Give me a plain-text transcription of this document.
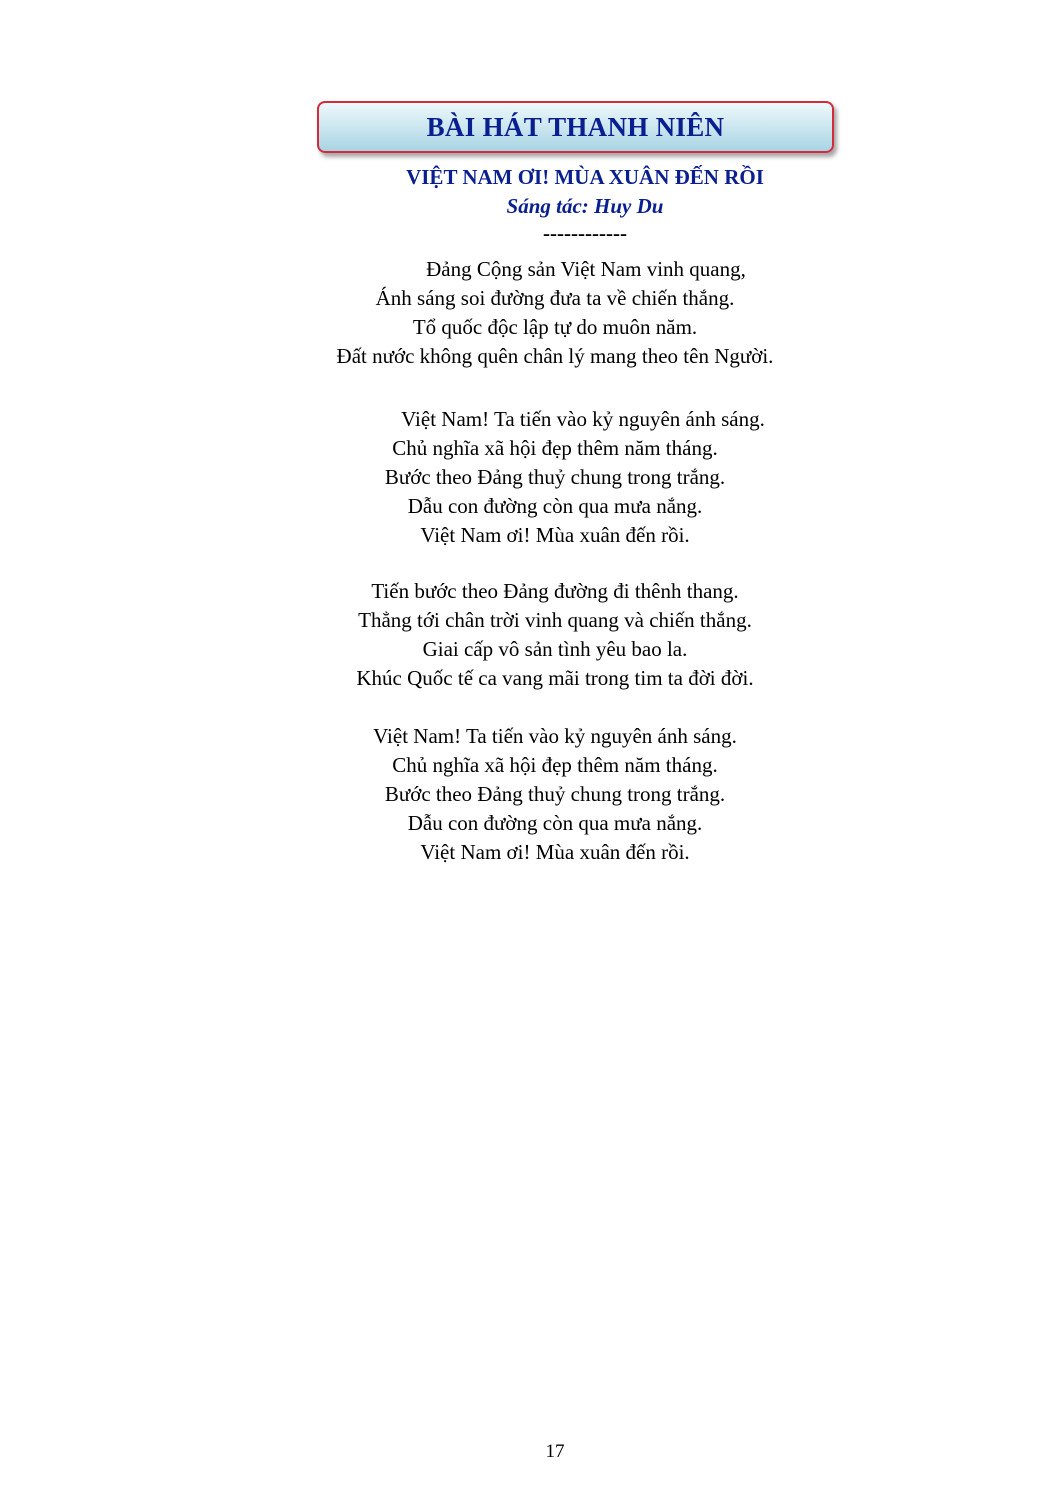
BÀI HÁT THANH NIÊN
VIỆT NAM ƠI! MÙA XUÂN ĐẾN RỒI
Sáng tác: Huy Du
------------
Đảng Cộng sản Việt Nam vinh quang,
Ánh sáng soi đường đưa ta về chiến thắng.
Tổ quốc độc lập tự do muôn năm.
Đất nước không quên chân lý mang theo tên Người.
Việt Nam! Ta tiến vào kỷ nguyên ánh sáng.
Chủ nghĩa xã hội đẹp thêm năm tháng.
Bước theo Đảng thuỷ chung trong trắng.
Dẫu con đường còn qua mưa nắng.
Việt Nam ơi! Mùa xuân đến rồi.
Tiến bước theo Đảng đường đi thênh thang.
Thẳng tới chân trời vinh quang và chiến thắng.
Giai cấp vô sản tình yêu bao la.
Khúc Quốc tế ca vang mãi trong tim ta đời đời.
Việt Nam! Ta tiến vào kỷ nguyên ánh sáng.
Chủ nghĩa xã hội đẹp thêm năm tháng.
Bước theo Đảng thuỷ chung trong trắng.
Dẫu con đường còn qua mưa nắng.
Việt Nam ơi! Mùa xuân đến rồi.
17
